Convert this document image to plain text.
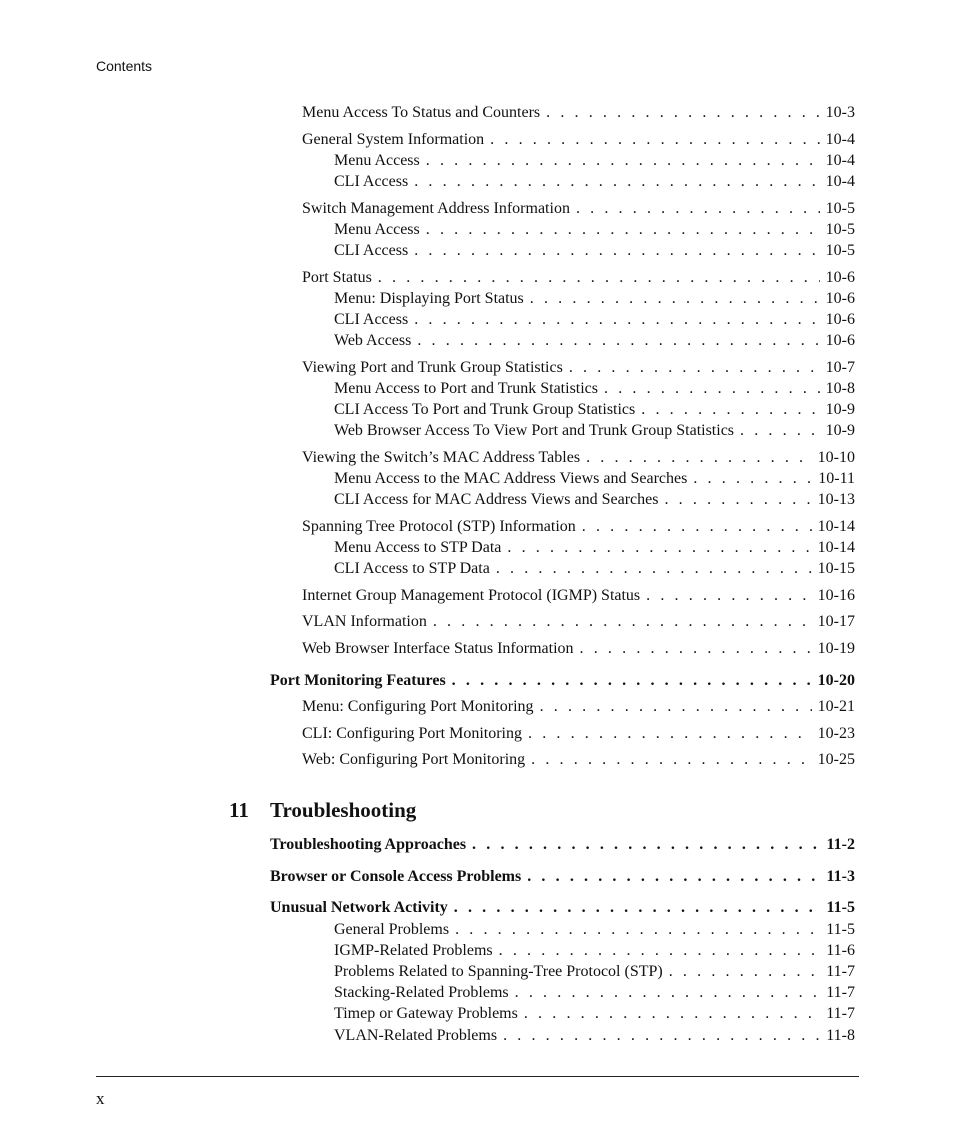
Contents
Menu Access To Status and Counters . . .	10-3
General System Information . . .	10-4
Menu Access . . .	10-4
CLI Access . . .	10-4
Switch Management Address Information . . .	10-5
Menu Access . . .	10-5
CLI Access . . .	10-5
Port Status . . .	10-6
Menu: Displaying Port Status . . .	10-6
CLI Access . . .	10-6
Web Access . . .	10-6
Viewing Port and Trunk Group Statistics . . .	10-7
Menu Access to Port and Trunk Statistics . . .	10-8
CLI Access To Port and Trunk Group Statistics . . .	10-9
Web Browser Access To View Port and Trunk Group Statistics . . .	10-9
Viewing the Switch’s MAC Address Tables . . .	10-10
Menu Access to the MAC Address Views and Searches . . .	10-11
CLI Access for MAC Address Views and Searches . . .	10-13
Spanning Tree Protocol (STP) Information . . .	10-14
Menu Access to STP Data . . .	10-14
CLI Access to STP Data . . .	10-15
Internet Group Management Protocol (IGMP) Status . . .	10-16
VLAN Information . . .	10-17
Web Browser Interface Status Information . . .	10-19
Port Monitoring Features . . .	10-20
Menu: Configuring Port Monitoring . . .	10-21
CLI: Configuring Port Monitoring . . .	10-23
Web: Configuring Port Monitoring . . .	10-25
11 Troubleshooting
Troubleshooting Approaches . . .	11-2
Browser or Console Access Problems . . .	11-3
Unusual Network Activity . . .	11-5
General Problems . . .	11-5
IGMP-Related Problems . . .	11-6
Problems Related to Spanning-Tree Protocol (STP) . . .	11-7
Stacking-Related Problems . . .	11-7
Timep or Gateway Problems . . .	11-7
VLAN-Related Problems . . .	11-8
x
